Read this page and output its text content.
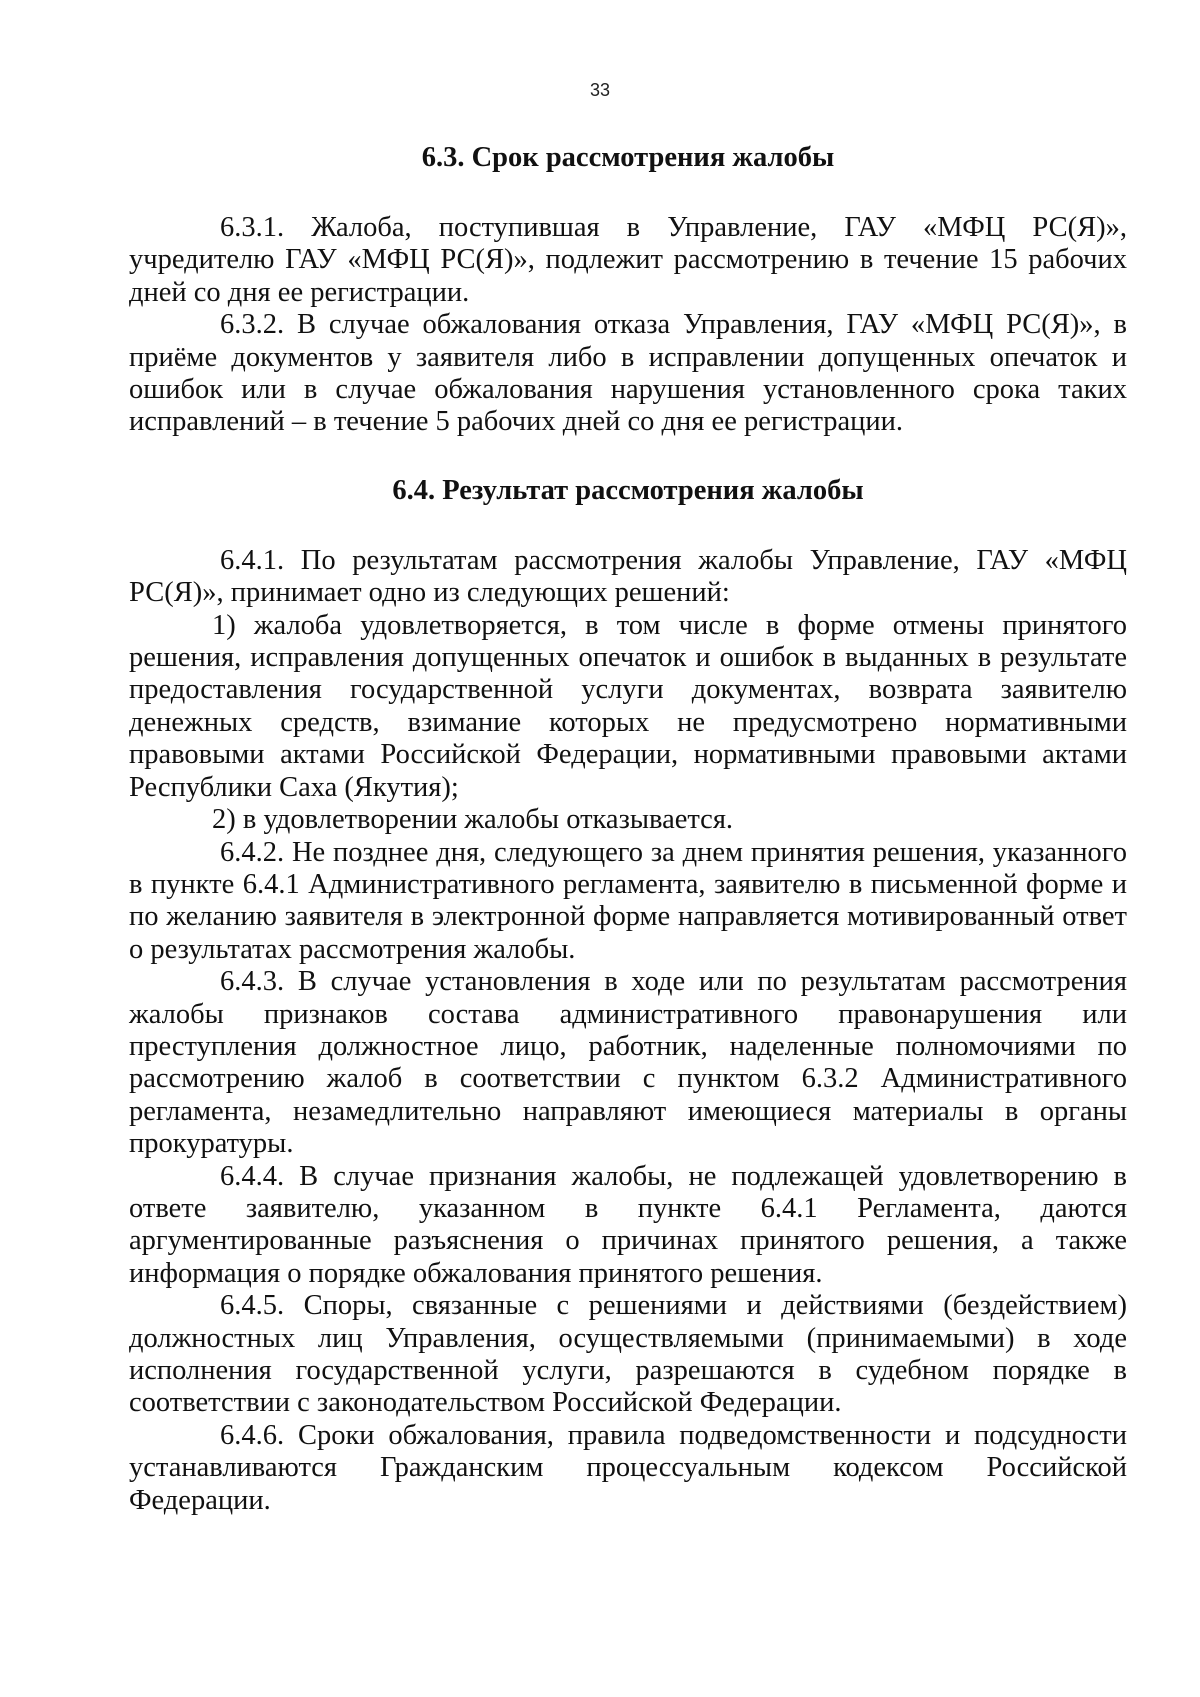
33
6.3. Срок рассмотрения жалобы

6.3.1. Жалоба, поступившая в Управление, ГАУ «МФЦ РС(Я)», учредителю ГАУ «МФЦ РС(Я)», подлежит рассмотрению в течение 15 рабочих дней со дня ее регистрации.

6.3.2. В случае обжалования отказа Управления, ГАУ «МФЦ РС(Я)», в приёме документов у заявителя либо в исправлении допущенных опечаток и ошибок или в случае обжалования нарушения установленного срока таких исправлений – в течение 5 рабочих дней со дня ее регистрации.

6.4. Результат рассмотрения жалобы

6.4.1. По результатам рассмотрения жалобы Управление, ГАУ «МФЦ РС(Я)», принимает одно из следующих решений:

1) жалоба удовлетворяется, в том числе в форме отмены принятого решения, исправления допущенных опечаток и ошибок в выданных в результате предоставления государственной услуги документах, возврата заявителю денежных средств, взимание которых не предусмотрено нормативными правовыми актами Российской Федерации, нормативными правовыми актами Республики Саха (Якутия);

2) в удовлетворении жалобы отказывается.

6.4.2. Не позднее дня, следующего за днем принятия решения, указанного в пункте 6.4.1 Административного регламента, заявителю в письменной форме и по желанию заявителя в электронной форме направляется мотивированный ответ о результатах рассмотрения жалобы.

6.4.3. В случае установления в ходе или по результатам рассмотрения жалобы признаков состава административного правонарушения или преступления должностное лицо, работник, наделенные полномочиями по рассмотрению жалоб в соответствии с пунктом 6.3.2 Административного регламента, незамедлительно направляют имеющиеся материалы в органы прокуратуры.

6.4.4. В случае признания жалобы, не подлежащей удовлетворению в ответе заявителю, указанном в пункте 6.4.1 Регламента, даются аргументированные разъяснения о причинах принятого решения, а также информация о порядке обжалования принятого решения.

6.4.5. Споры, связанные с решениями и действиями (бездействием) должностных лиц Управления, осуществляемыми (принимаемыми) в ходе исполнения государственной услуги, разрешаются в судебном порядке в соответствии с законодательством Российской Федерации.

6.4.6. Сроки обжалования, правила подведомственности и подсудности устанавливаются Гражданским процессуальным кодексом Российской Федерации.
